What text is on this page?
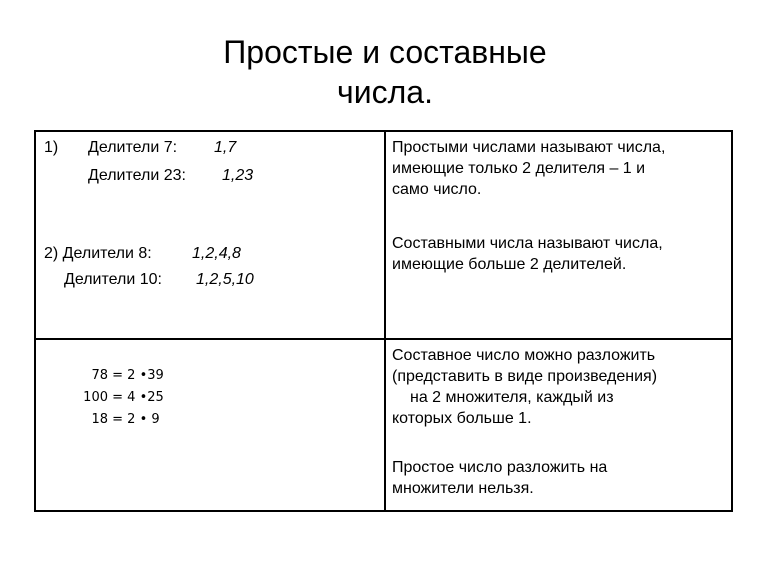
Простые и составные
числа.
1) Делители 7: 1,7
Делители 23: 1,23
2) Делители 8:	1,2,4,8
Делители 10: 1,2,5,10
Простыми числами называют числа,
имеющие только 2 делителя – 1 и
само число.
Составными числа называют числа,
имеющие больше 2 делителей.
78 = 2 •39
100 = 4 •25
18 = 2 • 9
Составное число можно разложить
(представить в виде произведения)
на 2 множителя, каждый из
которых больше 1.
Простое число разложить на
множители нельзя.
